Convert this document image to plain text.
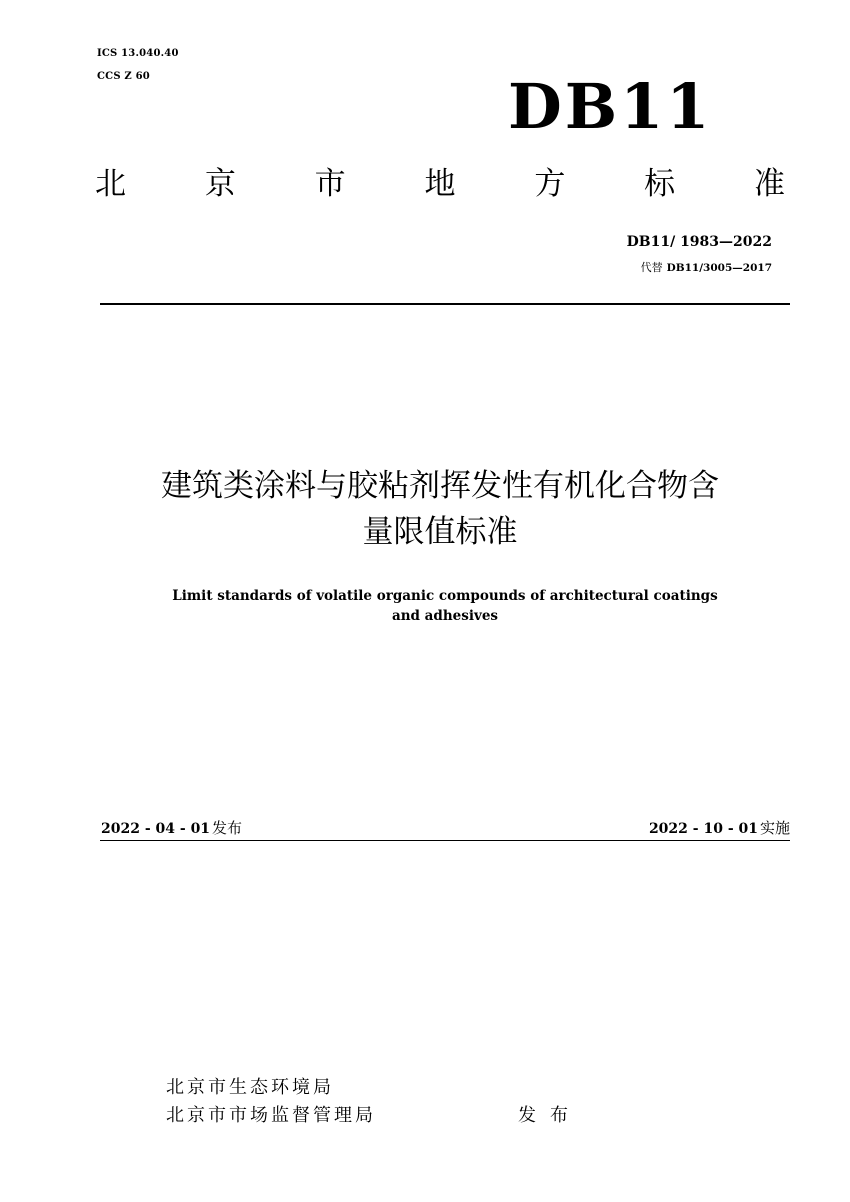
ICS 13.040.40
CCS Z 60	DB11
北	京	市	地	方	标	准
DB11/ 1983—2022
代替 DB11/3005—2017
建筑类涂料与胶粘剂挥发性有机化合物含
量限值标准
Limit standards of volatile organic compounds of architectural coatings
and adhesives
2022 - 04 - 01 发布	2022 - 10 - 01 实施
北京市生态环境局
北京市市场监督管理局	发布
